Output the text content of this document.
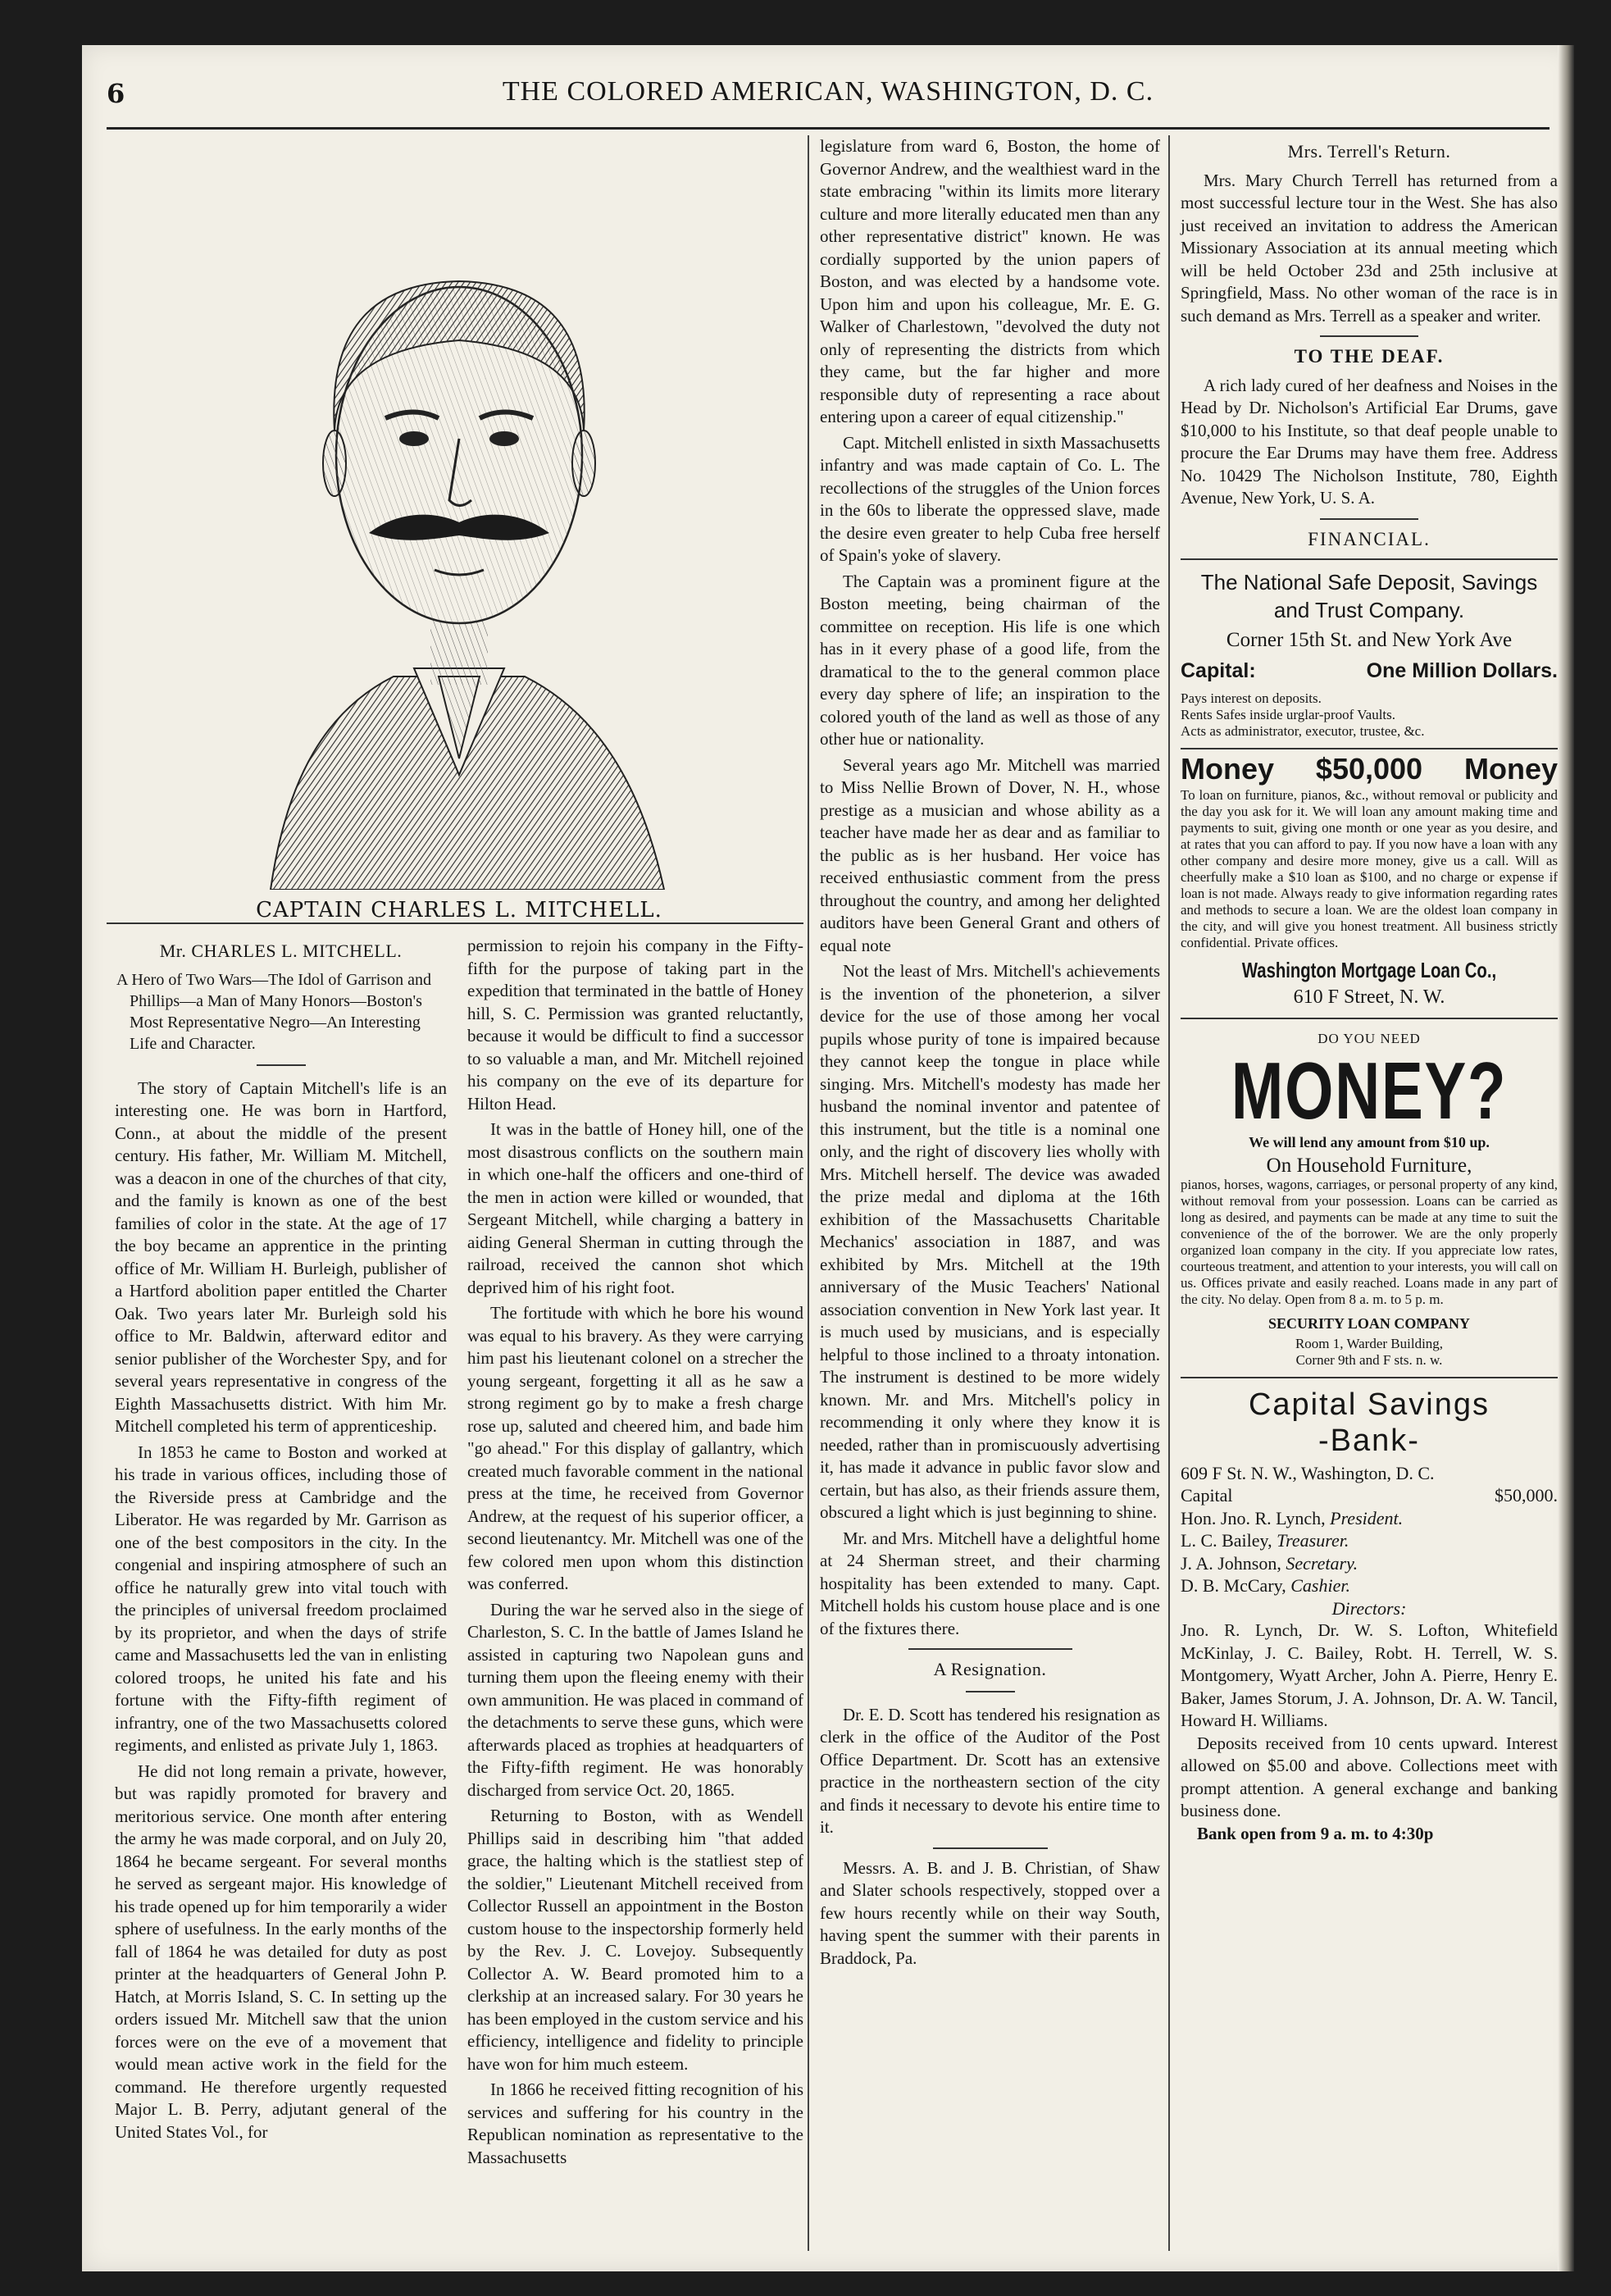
6	THE COLORED AMERICAN, WASHINGTON, D. C.
CAPTAIN CHARLES L. MITCHELL.
Mr. CHARLES L. MITCHELL.
A Hero of Two Wars—The Idol of Garrison and Phillips—a Man of Many Honors—Boston's Most Representative Negro—An Interesting Life and Character.

The story of Captain Mitchell's life is an interesting one. He was born in Hartford, Conn., at about the middle of the present century. His father, Mr. William M. Mitchell, was a deacon in one of the churches of that city, and the family is known as one of the best families of color in the state. At the age of 17 the boy became an apprentice in the printing office of Mr. William H. Burleigh, publisher of a Hartford abolition paper entitled the Charter Oak. Two years later Mr. Burleigh sold his office to Mr. Baldwin, afterward editor and senior publisher of the Worchester Spy, and for several years representative in congress of the Eighth Massachusetts district. With him Mr. Mitchell completed his term of apprenticeship.

In 1853 he came to Boston and worked at his trade in various offices, including those of the Riverside press at Cambridge and the Liberator. He was regarded by Mr. Garrison as one of the best compositors in the city. In the congenial and inspiring atmosphere of such an office he naturally grew into vital touch with the principles of universal freedom proclaimed by its proprietor, and when the days of strife came and Massachusetts led the van in enlisting colored troops, he united his fate and his fortune with the Fifty-fifth regiment of infrantry, one of the two Massachusetts colored regiments, and enlisted as private July 1, 1863.

He did not long remain a private, however, but was rapidly promoted for bravery and meritorious service. One month after entering the army he was made corporal, and on July 20, 1864 he became sergeant. For several months he served as sergeant major. His knowledge of his trade opened up for him temporarily a wider sphere of usefulness. In the early months of the fall of 1864 he was detailed for duty as post printer at the headquarters of General John P. Hatch, at Morris Island, S. C. In setting up the orders issued Mr. Mitchell saw that the union forces were on the eve of a movement that would mean active work in the field for the command. He therefore urgently requested Major L. B. Perry, adjutant general of the United States Vol., for

permission to rejoin his company in the Fifty-fifth for the purpose of taking part in the expedition that terminated in the battle of Honey hill, S. C. Permission was granted reluctantly, because it would be difficult to find a successor to so valuable a man, and Mr. Mitchell rejoined his company on the eve of its departure for Hilton Head.

It was in the battle of Honey hill, one of the most disastrous conflicts on the southern main in which one-half the officers and one-third of the men in action were killed or wounded, that Sergeant Mitchell, while charging a battery in aiding General Sherman in cutting through the railroad, received the cannon shot which deprived him of his right foot.

The fortitude with which he bore his wound was equal to his bravery. As they were carrying him past his lieutenant colonel on a strecher the young sergeant, forgetting it all as he saw a strong regiment go by to make a fresh charge rose up, saluted and cheered him, and bade him "go ahead." For this display of gallantry, which created much favorable comment in the national press at the time, he received from Governor Andrew, at the request of his superior officer, a second lieutenantcy. Mr. Mitchell was one of the few colored men upon whom this distinction was conferred.

During the war he served also in the siege of Charleston, S. C. In the battle of James Island he assisted in capturing two Napolean guns and turning them upon the fleeing enemy with their own ammunition. He was placed in command of the detachments to serve these guns, which were afterwards placed as trophies at headquarters of the Fifty-fifth regiment. He was honorably discharged from service Oct. 20, 1865.

Returning to Boston, with as Wendell Phillips said in describing him "that added grace, the halting which is the statliest step of the soldier," Lieutenant Mitchell received from Collector Russell an appointment in the Boston custom house to the inspectorship formerly held by the Rev. J. C. Lovejoy. Subsequently Collector A. W. Beard promoted him to a clerkship at an increased salary. For 30 years he has been employed in the custom service and his efficiency, intelligence and fidelity to principle have won for him much esteem.

In 1866 he received fitting recognition of his services and suffering for his country in the Republican nomination as representative to the Massachusetts

legislature from ward 6, Boston, the home of Governor Andrew, and the wealthiest ward in the state embracing "within its limits more literary culture and more literally educated men than any other representative district" known. He was cordially supported by the union papers of Boston, and was elected by a handsome vote. Upon him and upon his colleague, Mr. E. G. Walker of Charlestown, "devolved the duty not only of representing the districts from which they came, but the far higher and more responsible duty of representing a race about entering upon a career of equal citizenship."

Capt. Mitchell enlisted in sixth Massachusetts infantry and was made captain of Co. L. The recollections of the struggles of the Union forces in the 60s to liberate the oppressed slave, made the desire even greater to help Cuba free herself of Spain's yoke of slavery.

The Captain was a prominent figure at the Boston meeting, being chairman of the committee on reception. His life is one which has in it every phase of a good life, from the dramatical to the to the general common place every day sphere of life; an inspiration to the colored youth of the land as well as those of any other hue or nationality.

Several years ago Mr. Mitchell was married to Miss Nellie Brown of Dover, N. H., whose prestige as a musician and whose ability as a teacher have made her as dear and as familiar to the public as is her husband. Her voice has received enthusiastic comment from the press throughout the country, and among her delighted auditors have been General Grant and others of equal note

Not the least of Mrs. Mitchell's achievements is the invention of the phoneterion, a silver device for the use of those among her vocal pupils whose purity of tone is impaired because they cannot keep the tongue in place while singing. Mrs. Mitchell's modesty has made her husband the nominal inventor and patentee of this instrument, but the title is a nominal one only, and the right of discovery lies wholly with Mrs. Mitchell herself. The device was awaded the prize medal and diploma at the 16th exhibition of the Massachusetts Charitable Mechanics' association in 1887, and was exhibited by Mrs. Mitchell at the 19th anniversary of the Music Teachers' National association convention in New York last year. It is much used by musicians, and is especially helpful to those inclined to a throaty intonation. The instrument is destined to be more widely known. Mr. and Mrs. Mitchell's policy in recommending it only where they know it is needed, rather than in promiscuously advertising it, has made it advance in public favor slow and certain, but has also, as their friends assure them, obscured a light which is just beginning to shine.

Mr. and Mrs. Mitchell have a delightful home at 24 Sherman street, and their charming hospitality has been extended to many. Capt. Mitchell holds his custom house place and is one of the fixtures there.

A Resignation.

Dr. E. D. Scott has tendered his resignation as clerk in the office of the Auditor of the Post Office Department. Dr. Scott has an extensive practice in the northeastern section of the city and finds it necessary to devote his entire time to it.

Messrs. A. B. and J. B. Christian, of Shaw and Slater schools respectively, stopped over a few hours recently while on their way South, having spent the summer with their parents in Braddock, Pa.

Mrs. Terrell's Return.

Mrs. Mary Church Terrell has returned from a most successful lecture tour in the West. She has also just received an invitation to address the American Missionary Association at its annual meeting which will be held October 23d and 25th inclusive at Springfield, Mass. No other woman of the race is in such demand as Mrs. Terrell as a speaker and writer.

TO THE DEAF.

A rich lady cured of her deafness and Noises in the Head by Dr. Nicholson's Artificial Ear Drums, gave $10,000 to his Institute, so that deaf people unable to procure the Ear Drums may have them free. Address No. 10429 The Nicholson Institute, 780, Eighth Avenue, New York, U. S. A.

FINANCIAL.
The National Safe Deposit, Savings and Trust Company.
Corner 15th St. and New York Ave
Capital:	One Million Dollars.
Pays interest on deposits.
Rents Safes inside urglar-proof Vaults.
Acts as administrator, executor, trustee, &c.
Money $50,000 Money
To loan on furniture, pianos, &c., without removal or publicity and the day you ask for it. We will loan any amount making time and payments to suit, giving one month or one year as you desire, and at rates that you can afford to pay. If you now have a loan with any other company and desire more money, give us a call. Will as cheerfully make a $10 loan as $100, and no charge or expense if loan is not made. Always ready to give information regarding rates and methods to secure a loan. We are the oldest loan company in the city, and will give you honest treatment. All business strictly confidential. Private offices.
Washington Mortgage Loan Co.,
610 F Street, N. W.
DO YOU NEED
MONEY?
We will lend any amount from $10 up.
On Household Furniture,
pianos, horses, wagons, carriages, or personal property of any kind, without removal from your possession. Loans can be carried as long as desired, and payments can be made at any time to suit the convenience of the of the borrower. We are the only properly organized loan company in the city. If you appreciate low rates, courteous treatment, and attention to your interests, you will call on us. Offices private and easily reached. Loans made in any part of the city. No delay. Open from 8 a. m. to 5 p. m.
SECURITY LOAN COMPANY
Room 1, Warder Building,
Corner 9th and F sts. n. w.
Capital Savings
-Bank-
609 F St. N. W., Washington, D. C.
Capital	$50,000.
Hon. Jno. R. Lynch, President.
L. C. Bailey, Treasurer.
J. A. Johnson, Secretary.
D. B. McCary, Cashier.
Directors:
Jno. R. Lynch, Dr. W. S. Lofton, Whitefield McKinlay, J. C. Bailey, Robt. H. Terrell, W. S. Montgomery, Wyatt Archer, John A. Pierre, Henry E. Baker, James Storum, J. A. Johnson, Dr. A. W. Tancil, Howard H. Williams.
Deposits received from 10 cents upward. Interest allowed on $5.00 and above. Collections meet with prompt attention. A general exchange and banking business done.
Bank open from 9 a. m. to 4:30p
